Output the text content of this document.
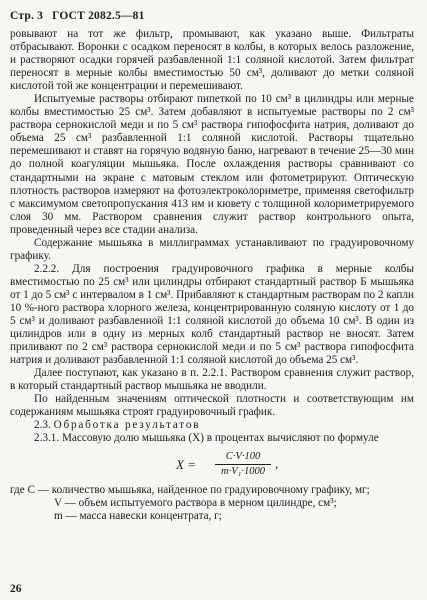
Стр. 3 ГОСТ 2082.5—81

ровывают на тот же фильтр, промывают, как указано выше. Фильтраты отбрасывают. Воронки с осадком переносят в колбы, в которых велось разложение, и растворяют осадки горячей разбавленной 1:1 соляной кислотой. Затем фильтрат переносят в мерные колбы вместимостью 50 см³, доливают до метки соляной кислотой той же концентрации и перемешивают.

Испытуемые растворы отбирают пипеткой по 10 см³ в цилиндры или мерные колбы вместимостью 25 см³. Затем добавляют в испытуемые растворы по 2 см³ раствора сернокислой меди и по 5 см³ раствора гипофосфита натрия, доливают до объема 25 см³ разбавленной 1:1 соляной кислотой. Растворы тщательно перемешивают и ставят на горячую водяную баню, нагревают в течение 25—30 мин до полной коагуляции мышьяка. После охлаждения растворы сравнивают со стандартными на экране с матовым стеклом или фотометрируют. Оптическую плотность растворов измеряют на фотоэлектроколориметре, применяя светофильтр с максимумом светопропускания 413 нм и кювету с толщиной колориметрируемого слоя 30 мм. Раствором сравнения служит раствор контрольного опыта, проведенный через все стадии анализа.

Содержание мышьяка в миллиграммах устанавливают по градуировочному графику.

2.2.2. Для построения градуировочного графика в мерные колбы вместимостью по 25 см³ или цилиндры отбирают стандартный раствор Б мышьяка от 1 до 5 см³ с интервалом в 1 см³. Прибавляют к стандартным растворам по 2 капли 10 %-ного раствора хлорного железа, концентрированную соляную кислоту от 1 до 5 см³ и доливают разбавленной 1:1 соляной кислотой до объема 10 см³. В один из цилиндров или в одну из мерных колб стандартный раствор не вносят. Затем приливают по 2 см³ раствора сернокислой меди и по 5 см³ раствора гипофосфита натрия и доливают разбавленной 1:1 соляной кислотой до объема 25 см³.

Далее поступают, как указано в п. 2.2.1. Раствором сравнения служит раствор, в который стандартный раствор мышьяка не вводили.

По найденным значениям оптической плотности и соответствующим им содержаниям мышьяка строят градуировочный график.

2.3. Обработка результатов

2.3.1. Массовую долю мышьяка (X) в процентах вычисляют по формуле

$X = \frac{C\cdot V\cdot 100}{\text{m·V₁·1000}}$ ,

где C — количество мышьяка, найденное по градуировочному графику, мг;

V — объем испытуемого раствора в мерном цилиндре, см³;

m — масса навески концентрата, г;

26
